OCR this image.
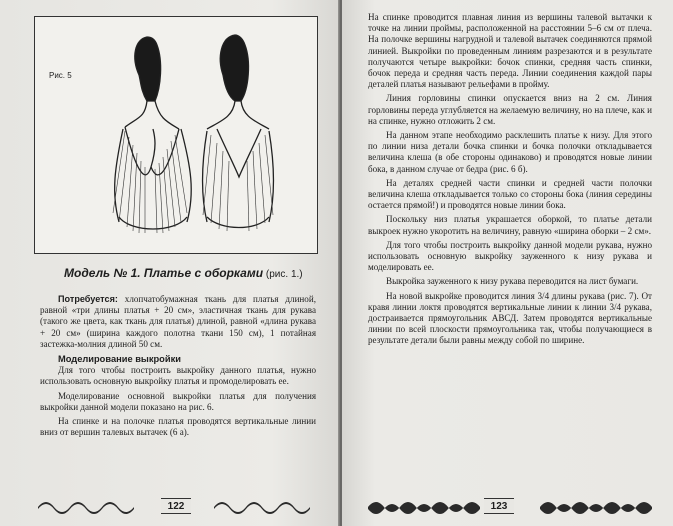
Рис. 5
Модель № 1. Платье с оборками (рис. 1.)

Потребуется: хлопчатобумажная ткань для платья длиной, равной «три длины платья + 20 см», эластичная ткань для рукава (такого же цвета, как ткань для платья) длиной, равной «длина рукава + 20 см» (ширина каждого полотна ткани 150 см), 1 потайная застежка-молния длиной 50 см.

Моделирование выкройки

Для того чтобы построить выкройку данного платья, нужно использовать основную выкройку платья и промоделировать ее.

Моделирование основной выкройки платья для получения выкройки данной модели показано на рис. 6.

На спинке и на полочке платья проводятся вертикальные линии вниз от вершин талевых вытачек (6 а).

122

На спинке проводится плавная линия из вершины талевой вытачки к точке на линии проймы, расположенной на расстоянии 5–6 см от плеча. На полочке вершины нагрудной и талевой вытачек соединяются прямой линией. Выкройки по проведенным линиям разрезаются и в результате получаются четыре выкройки: бочок спинки, средняя часть спинки, бочок переда и средняя часть переда. Линии соединения каждой пары деталей платья называют рельефами в пройму.

Линия горловины спинки опускается вниз на 2 см. Линия горловины переда углубляется на желаемую величину, но на плече, как и на спинке, нужно отложить 2 см.

На данном этапе необходимо расклешить платье к низу. Для этого по линии низа детали бочка спинки и бочка полочки откладывается величина клеша (в обе стороны одинаково) и проводятся новые линии бока, в данном случае от бедра (рис. 6 б).

На деталях средней части спинки и средней части полочки величина клеша откладывается только со стороны бока (линия середины остается прямой!) и проводятся новые линии бока.

Поскольку низ платья украшается оборкой, то платье детали выкроек нужно укоротить на величину, равную «ширина оборки – 2 см».

Для того чтобы построить выкройку данной модели рукава, нужно использовать основную выкройку зауженного к низу рукава и моделировать ее.

Выкройка зауженного к низу рукава переводится на лист бумаги.

На новой выкройке проводится линия 3/4 длины рукава (рис. 7). От кравя линии локтя проводятся вертикальные линии к линии 3/4 рукава, достраивается прямоугольник АВСД. Затем проводятся вертикальные линии по всей плоскости прямоугольника так, чтобы получающиеся в результате детали были равны между собой по ширине.

123
